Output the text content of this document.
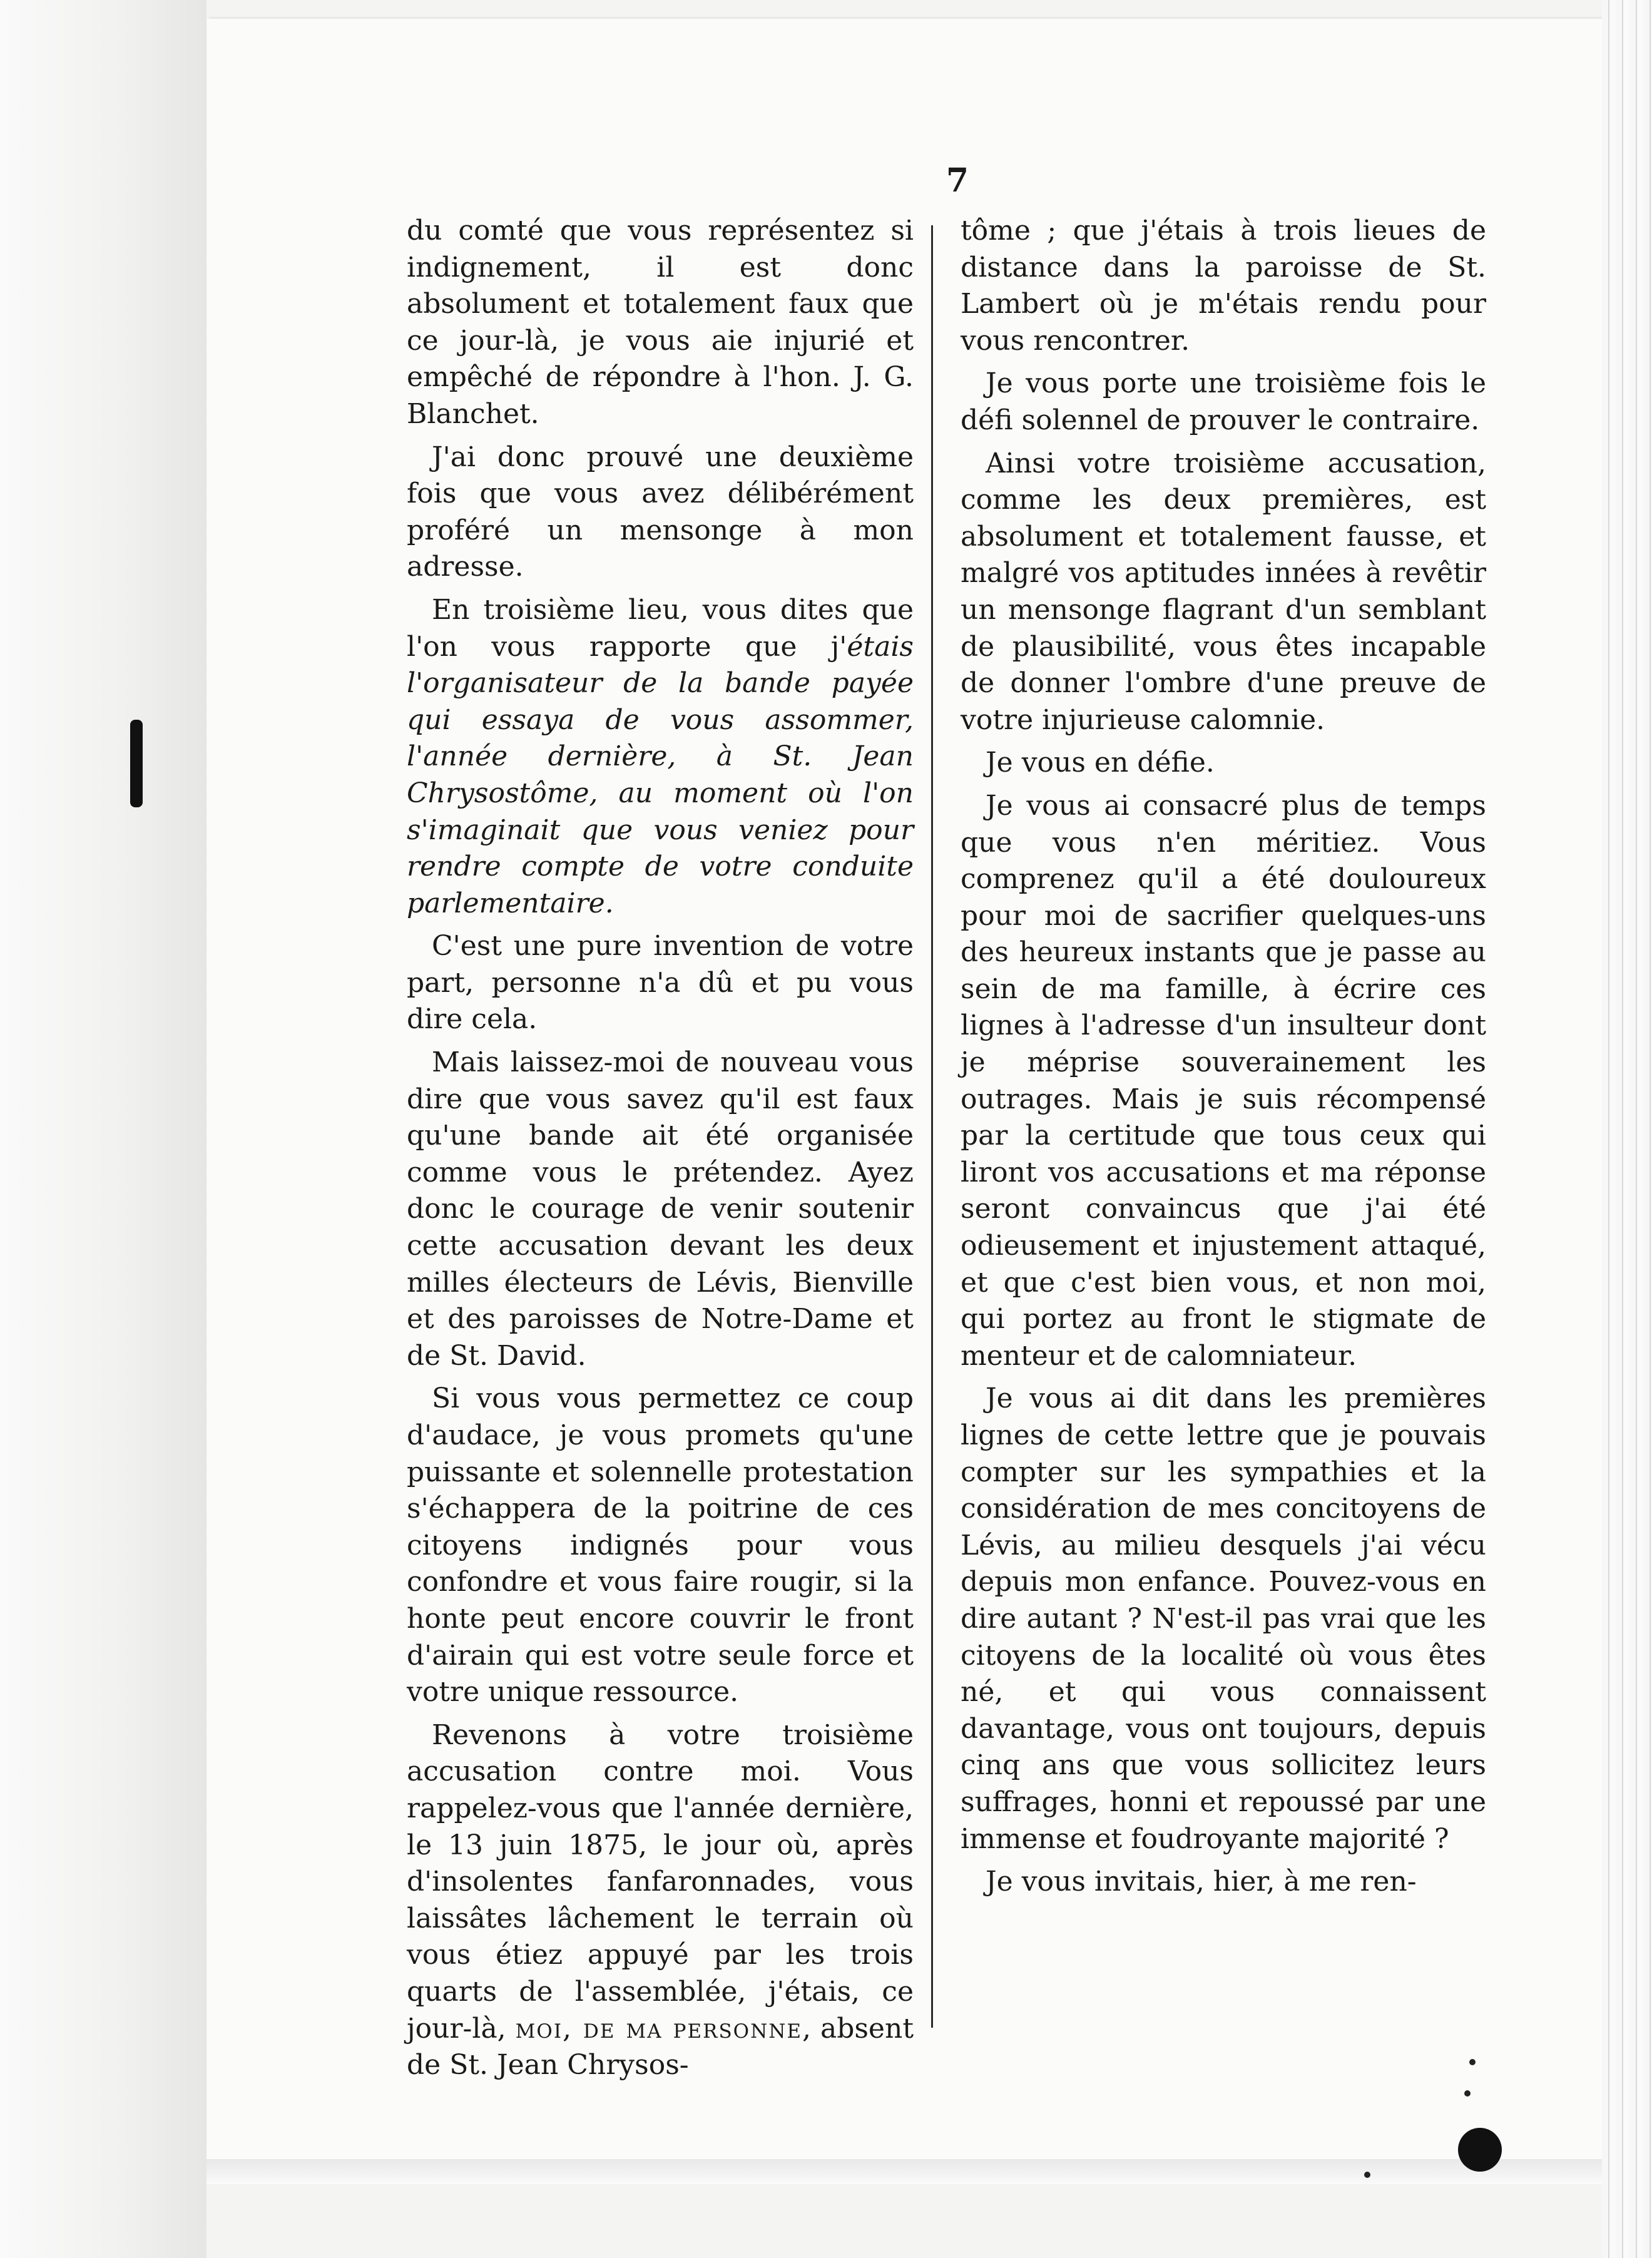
7

du comté que vous représentez si indignement, il est donc absolument et totalement faux que ce jour-là, je vous aie injurié et empêché de répondre à l'hon. J. G. Blanchet.

J'ai donc prouvé une deuxième fois que vous avez délibérément proféré un mensonge à mon adresse.

En troisième lieu, vous dites que l'on vous rapporte que j'étais l'organisateur de la bande payée qui essaya de vous assommer, l'année dernière, à St. Jean Chrysostôme, au moment où l'on s'imaginait que vous veniez pour rendre compte de votre conduite parlementaire.

C'est une pure invention de votre part, personne n'a dû et pu vous dire cela.

Mais laissez-moi de nouveau vous dire que vous savez qu'il est faux qu'une bande ait été organisée comme vous le prétendez. Ayez donc le courage de venir soutenir cette accusation devant les deux milles électeurs de Lévis, Bienville et des paroisses de Notre-Dame et de St. David.

Si vous vous permettez ce coup d'audace, je vous promets qu'une puissante et solennelle protestation s'échappera de la poitrine de ces citoyens indignés pour vous confondre et vous faire rougir, si la honte peut encore couvrir le front d'airain qui est votre seule force et votre unique ressource.

Revenons à votre troisième accusation contre moi. Vous rappelez-vous que l'année dernière, le 13 juin 1875, le jour où, après d'insolentes fanfaronnades, vous laissâtes lâchement le terrain où vous étiez appuyé par les trois quarts de l'assemblée, j'étais, ce jour-là, moi, de ma personne, absent de St. Jean Chrysos-

tôme ; que j'étais à trois lieues de distance dans la paroisse de St. Lambert où je m'étais rendu pour vous rencontrer.

Je vous porte une troisième fois le défi solennel de prouver le contraire.

Ainsi votre troisième accusation, comme les deux premières, est absolument et totalement fausse, et malgré vos aptitudes innées à revêtir un mensonge flagrant d'un semblant de plausibilité, vous êtes incapable de donner l'ombre d'une preuve de votre injurieuse calomnie.

Je vous en défie.

Je vous ai consacré plus de temps que vous n'en méritiez. Vous comprenez qu'il a été douloureux pour moi de sacrifier quelques-uns des heureux instants que je passe au sein de ma famille, à écrire ces lignes à l'adresse d'un insulteur dont je méprise souverainement les outrages. Mais je suis récompensé par la certitude que tous ceux qui liront vos accusations et ma réponse seront convaincus que j'ai été odieusement et injustement attaqué, et que c'est bien vous, et non moi, qui portez au front le stigmate de menteur et de calomniateur.

Je vous ai dit dans les premières lignes de cette lettre que je pouvais compter sur les sympathies et la considération de mes concitoyens de Lévis, au milieu desquels j'ai vécu depuis mon enfance. Pouvez-vous en dire autant ? N'est-il pas vrai que les citoyens de la localité où vous êtes né, et qui vous connaissent davantage, vous ont toujours, depuis cinq ans que vous sollicitez leurs suffrages, honni et repoussé par une immense et foudroyante majorité ?

Je vous invitais, hier, à me ren-
